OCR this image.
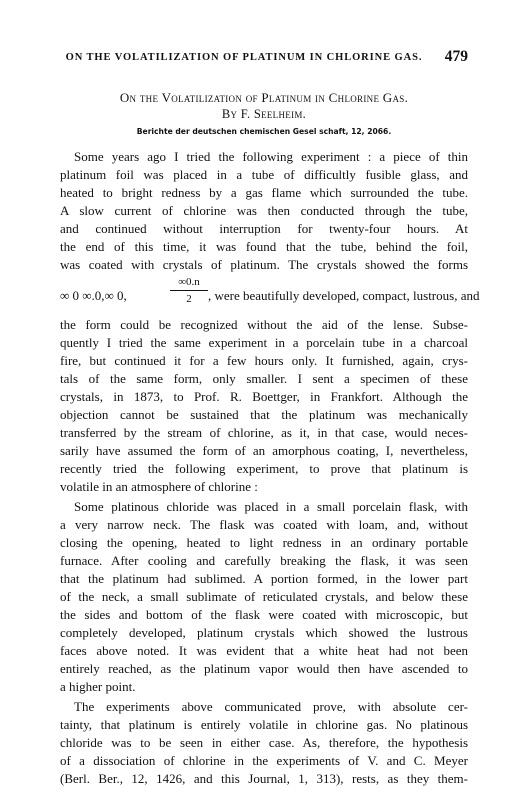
ON THE VOLATILIZATION OF PLATINUM IN CHLORINE GAS.	479
On the Volatilization of Platinum in Chlorine Gas.
By F. Seelheim.
Berichte der deutschen chemischen Gesel schaft, 12, 2066.
Some years ago I tried the following experiment : a piece of thin
platinum foil was placed in a tube of difficultly fusible glass, and
heated to bright redness by a gas flame which surrounded the tube.
A slow current of chlorine was then conducted through the tube,
and continued without interruption for twenty-four hours. At
the end of this time, it was found that the tube, behind the foil,
was coated with crystals of platinum. The crystals showed the forms
∞ 0 ∞.0,∞ 0,	$\frac{\infty 0.n}{2}$ , were beautifully developed, compact, lustrous, and
the form could be recognized without the aid of the lense. Subse-
quently I tried the same experiment in a porcelain tube in a charcoal
fire, but continued it for a few hours only. It furnished, again, crys-
tals of the same form, only smaller. I sent a specimen of these
crystals, in 1873, to Prof. R. Boettger, in Frankfort. Although the
objection cannot be sustained that the platinum was mechanically
transferred by the stream of chlorine, as it, in that case, would neces-
sarily have assumed the form of an amorphous coating, I, nevertheless,
recently tried the following experiment, to prove that platinum is
volatile in an atmosphere of chlorine :
Some platinous chloride was placed in a small porcelain flask, with
a very narrow neck. The flask was coated with loam, and, without
closing the opening, heated to light redness in an ordinary portable
furnace. After cooling and carefully breaking the flask, it was seen
that the platinum had sublimed. A portion formed, in the lower part
of the neck, a small sublimate of reticulated crystals, and below these
the sides and bottom of the flask were coated with microscopic, but
completely developed, platinum crystals which showed the lustrous
faces above noted. It was evident that a white heat had not been
entirely reached, as the platinum vapor would then have ascended to
a higher point.
The experiments above communicated prove, with absolute cer-
tainty, that platinum is entirely volatile in chlorine gas. No platinous
chloride was to be seen in either case. As, therefore, the hypothesis
of a dissociation of chlorine in the experiments of V. and C. Meyer
(Berl. Ber., 12, 1426, and this Journal, 1, 313), rests, as they them-
